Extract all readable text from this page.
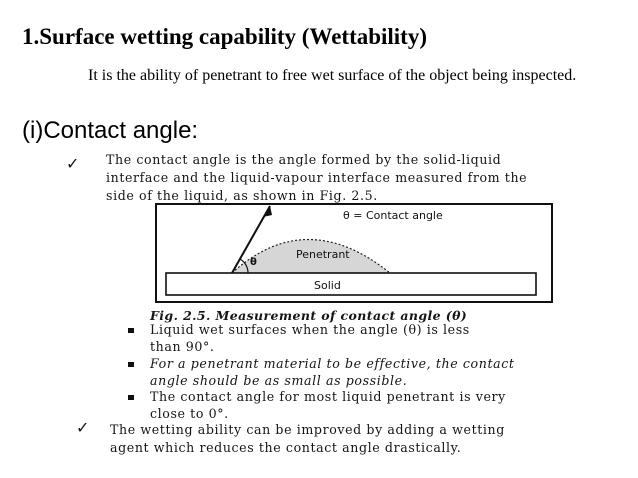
1.Surface wetting capability (Wettability)
It is the ability of penetrant to free wet surface of the object being inspected.
(i)Contact angle:
✓ The contact angle is the angle formed by the solid-liquid
interface and the liquid-vapour interface measured from the
side of the liquid, as shown in Fig. 2.5.
θ = Contact angle
θ
Penetrant
Solid
Fig. 2.5. Measurement of contact angle (θ)
Liquid wet surfaces when the angle (θ) is less
than 90°.
For a penetrant material to be effective, the contact
angle should be as small as possible.
The contact angle for most liquid penetrant is very
close to 0°.
✓ The wetting ability can be improved by adding a wetting
agent which reduces the contact angle drastically.
